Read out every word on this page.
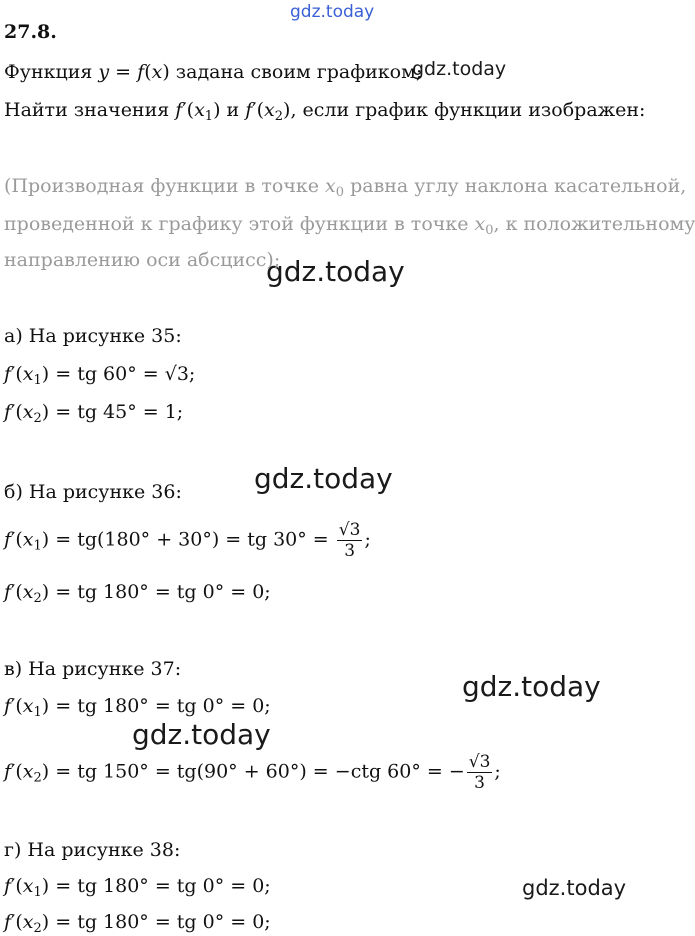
gdz.today
gdz.today
gdz.today
gdz.today
gdz.today
gdz.today
gdz.today
27.8.
Функция y = f(x) задана своим графиком;
Найти значения $f'(x_1)$ и $f'(x_2)$, если график функции изображен:
(Производная функции в точке $x_0$ равна углу наклона касательной,
проведенной к графику этой функции в точке $x_0$, к положительному
направлению оси абсцисс);
а) На рисунке 35:
$f'(x_1)$ = tg 60° = √3;
$f'(x_2)$ = tg 45° = 1;
б) На рисунке 36:
$f'(x_1) = tg(180^\circ + 30^\circ)$ = tg $30^\circ = \frac{√3}{3}$ ;
$f'(x_2)$ = tg 180° = tg 0° = 0;
в) На рисунке 37:
$f'(x_1)$ = tg 180° = tg 0° = 0;
$f'(x_2)$ = tg 150° = tg(90° + 60°) = −ctg 60° = − $\frac{√3}{3}$ ;
г) На рисунке 38:
$f'(x_1)$ = tg 180° = tg 0° = 0;
$f'(x_2)$ = tg 180° = tg 0° = 0;
